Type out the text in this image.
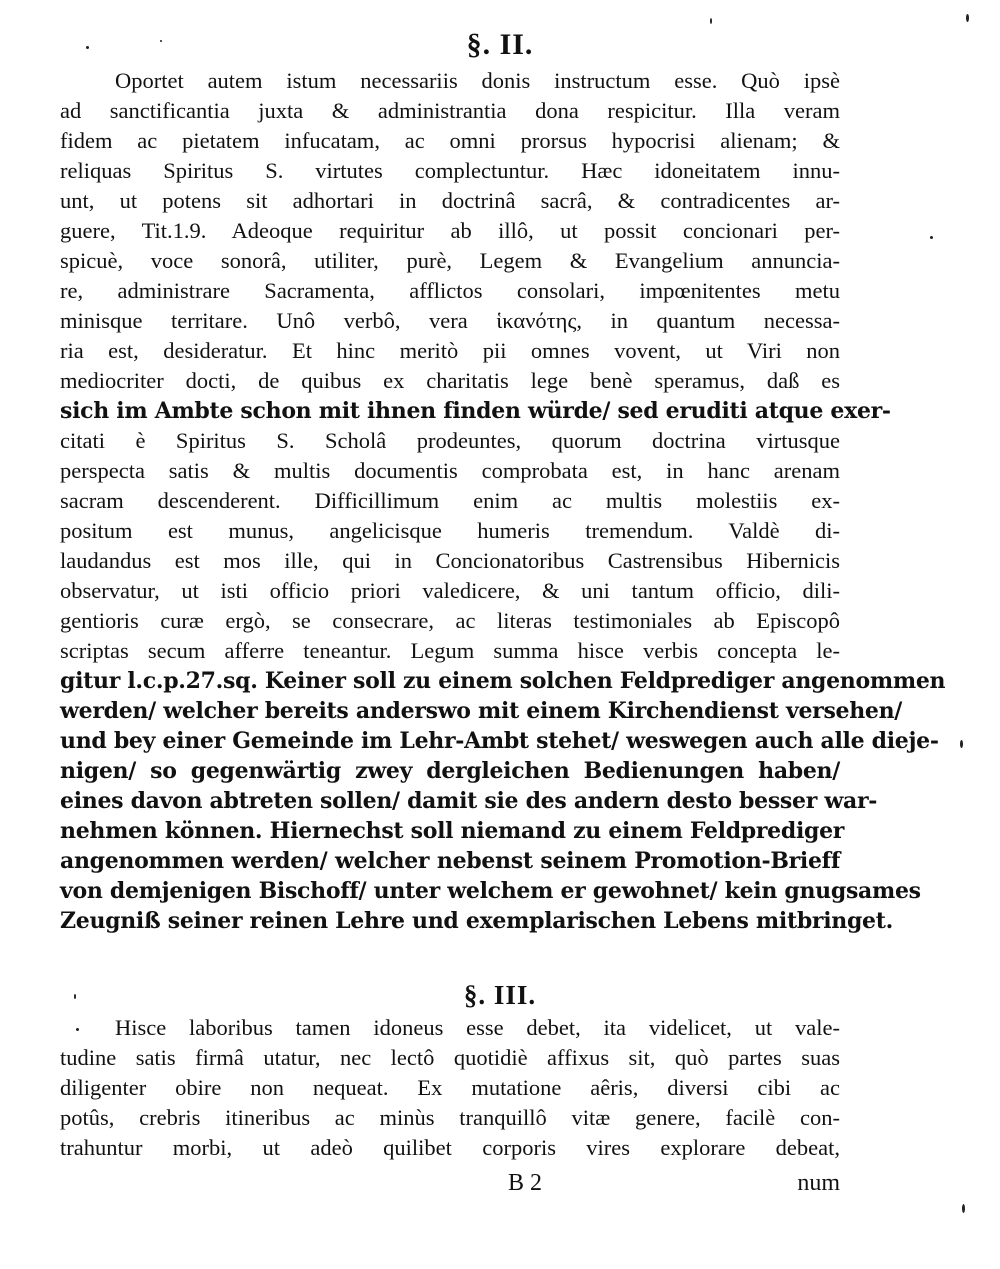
§. II.
Oportet autem istum necessariis donis instructum esse. Quò ipsè
ad sanctificantia juxta & administrantia dona respicitur. Illa veram
fidem ac pietatem infucatam, ac omni prorsus hypocrisi alienam; &
reliquas Spiritus S. virtutes complectuntur. Hæc idoneitatem innu-
unt, ut potens sit adhortari in doctrinâ sacrâ, & contradicentes ar-
guere, Tit.1.9. Adeoque requiritur ab illô, ut possit concionari per-
spicuè, voce sonorâ, utiliter, purè, Legem & Evangelium annuncia-
re, administrare Sacramenta, afflictos consolari, impœnitentes metu
minisque territare. Unô verbô, vera ἱκανότης, in quantum necessa-
ria est, desideratur. Et hinc meritò pii omnes vovent, ut Viri non
mediocriter docti, de quibus ex charitatis lege benè speramus, daß es
sich im Ambte schon mit ihnen finden würde/ sed eruditi atque exer-
citati è Spiritus S. Scholâ prodeuntes, quorum doctrina virtusque
perspecta satis & multis documentis comprobata est, in hanc arenam
sacram descenderent. Difficillimum enim ac multis molestiis ex-
positum est munus, angelicisque humeris tremendum. Valdè di-
laudandus est mos ille, qui in Concionatoribus Castrensibus Hibernicis
observatur, ut isti officio priori valedicere, & uni tantum officio, dili-
gentioris curæ ergò, se consecrare, ac literas testimoniales ab Episcopô
scriptas secum afferre teneantur. Legum summa hisce verbis concepta le-
gitur l.c.p.27.sq. Keiner soll zu einem solchen Feldprediger angenommen
werden/ welcher bereits anderswo mit einem Kirchendienst versehen/
und bey einer Gemeinde im Lehr-Ambt stehet/ weswegen auch alle dieje-
nigen/ so gegenwärtig zwey dergleichen Bedienungen haben/
eines davon abtreten sollen/ damit sie des andern desto besser war-
nehmen können. Hiernechst soll niemand zu einem Feldprediger
angenommen werden/ welcher nebenst seinem Promotion-Brieff
von demjenigen Bischoff/ unter welchem er gewohnet/ kein gnugsames
Zeugniß seiner reinen Lehre und exemplarischen Lebens mitbringet.
§. III.
Hisce laboribus tamen idoneus esse debet, ita videlicet, ut vale-
tudine satis firmâ utatur, nec lectô quotidiè affixus sit, quò partes suas
diligenter obire non nequeat. Ex mutatione aêris, diversi cibi ac
potûs, crebris itineribus ac minùs tranquillô vitæ genere, facilè con-
trahuntur morbi, ut adeò quilibet corporis vires explorare debeat,
B 2	num
